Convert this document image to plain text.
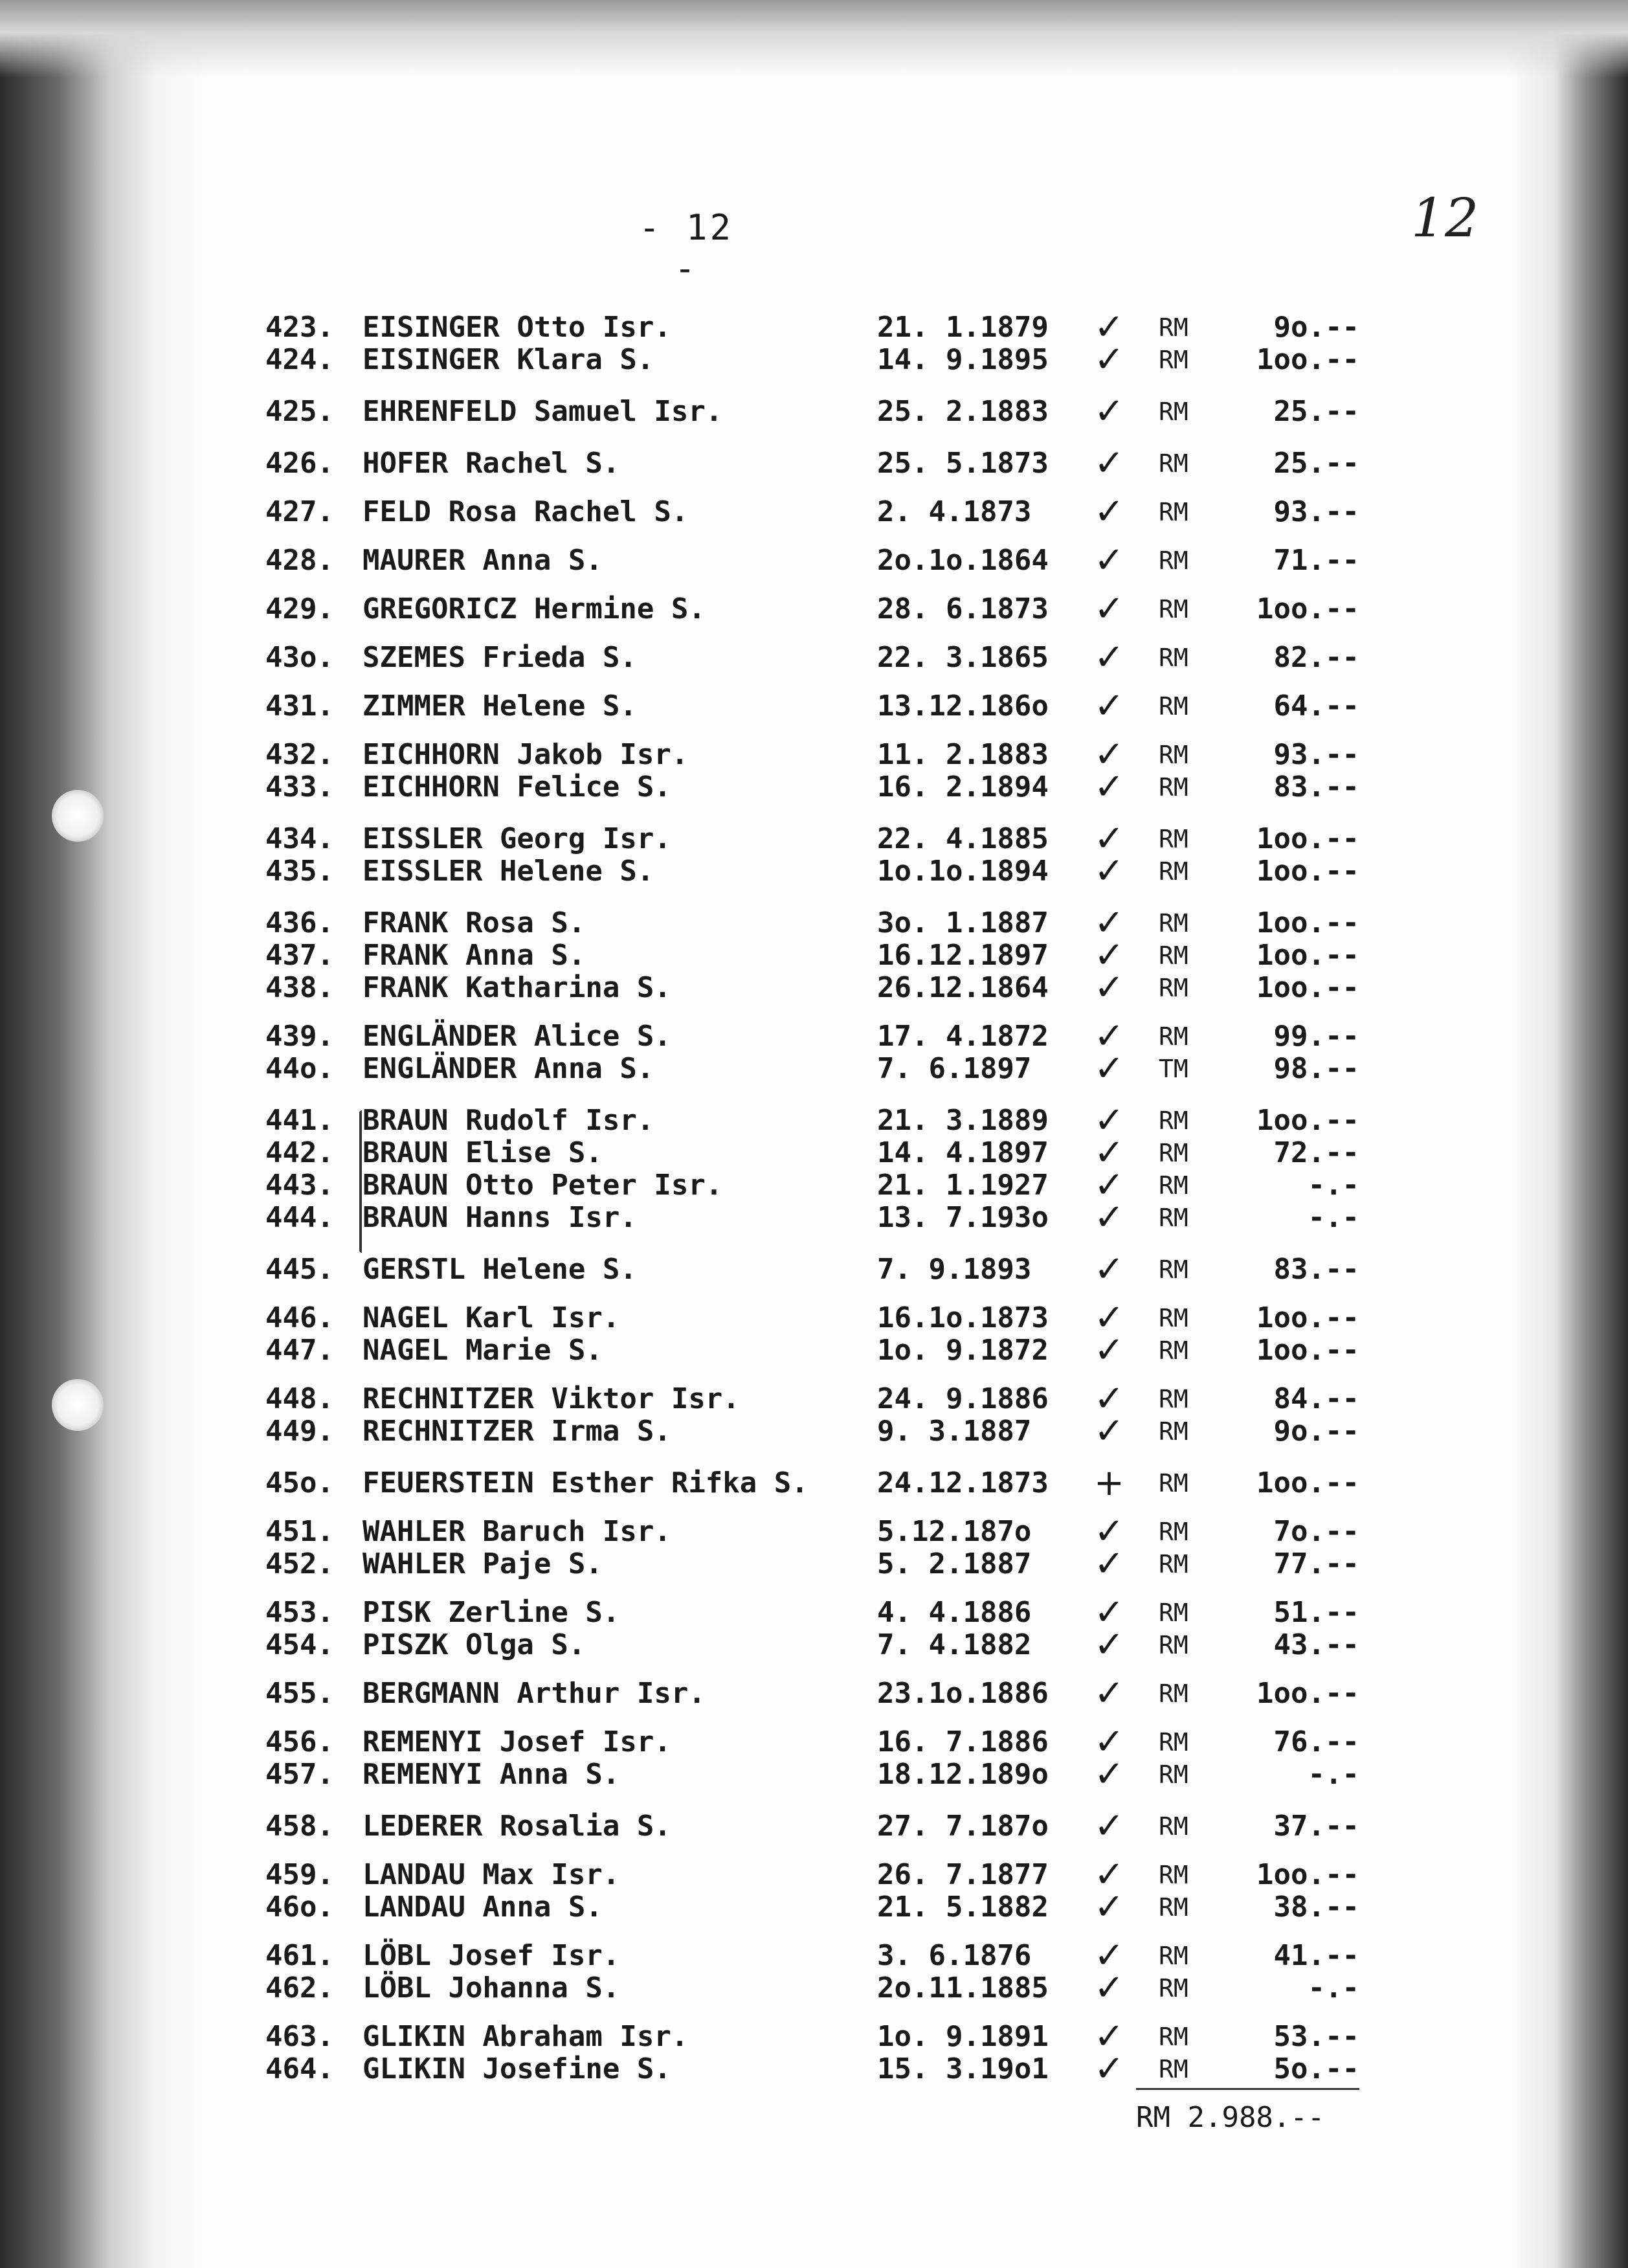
- 12 -
12
423. EISINGER Otto Isr.	21. 1.1879 ✓ RM	9o.--
424. EISINGER Klara S.	14. 9.1895 ✓ RM	1oo.--
425. EHRENFELD Samuel Isr.	25. 2.1883 ✓ RM	25.--
426. HOFER Rachel S.	25. 5.1873 ✓ RM	25.--
427. FELD Rosa Rachel S.	2. 4.1873 ✓ RM	93.--
428. MAURER Anna S.	2o.1o.1864 ✓ RM	71.--
429. GREGORICZ Hermine S.	28. 6.1873 ✓ RM	1oo.--
43o. SZEMES Frieda S.	22. 3.1865 ✓ RM	82.--
431. ZIMMER Helene S.	13.12.186o ✓ RM	64.--
432. EICHHORN Jakob Isr.	11. 2.1883 ✓ RM	93.--
433. EICHHORN Felice S.	16. 2.1894 ✓ RM	83.--
434. EISSLER Georg Isr.	22. 4.1885 ✓ RM	1oo.--
435. EISSLER Helene S.	1o.1o.1894 ✓ RM	1oo.--
436. FRANK Rosa S.	3o. 1.1887 ✓ RM	1oo.--
437. FRANK Anna S.	16.12.1897 ✓ RM	1oo.--
438. FRANK Katharina S.	26.12.1864 ✓ RM	1oo.--
439. ENGLÄNDER Alice S.	17. 4.1872 ✓ RM	99.--
44o. ENGLÄNDER Anna S.	7. 6.1897 ✓ TM	98.--
441. BRAUN Rudolf Isr.	21. 3.1889 ✓ RM	1oo.--
442. BRAUN Elise S.	14. 4.1897 ✓ RM	72.--
443. BRAUN Otto Peter Isr.	21. 1.1927 ✓ RM	-.-
444. BRAUN Hanns Isr.	13. 7.193o ✓ RM	-.-
445. GERSTL Helene S.	7. 9.1893 ✓ RM	83.--
446. NAGEL Karl Isr.	16.1o.1873 ✓ RM	1oo.--
447. NAGEL Marie S.	1o. 9.1872 ✓ RM	1oo.--
448. RECHNITZER Viktor Isr.	24. 9.1886 ✓ RM	84.--
449. RECHNITZER Irma S.	9. 3.1887 ✓ RM	9o.--
45o. FEUERSTEIN Esther Rifka S. 24.12.1873 + RM	1oo.--
451. WAHLER Baruch Isr.	5.12.187o ✓ RM	7o.--
452. WAHLER Paje S.	5. 2.1887 ✓ RM	77.--
453. PISK Zerline S.	4. 4.1886 ✓ RM	51.--
454. PISZK Olga S.	7. 4.1882 ✓ RM	43.--
455. BERGMANN Arthur Isr.	23.1o.1886 ✓ RM	1oo.--
456. REMENYI Josef Isr.	16. 7.1886 ✓ RM	76.--
457. REMENYI Anna S.	18.12.189o ✓ RM	-.-
458. LEDERER Rosalia S.	27. 7.187o ✓ RM	37.--
459. LANDAU Max Isr.	26. 7.1877 ✓ RM	1oo.--
46o. LANDAU Anna S.	21. 5.1882 ✓ RM	38.--
461. LÖBL Josef Isr.	3. 6.1876 ✓ RM	41.--
462. LÖBL Johanna S.	2o.11.1885 ✓ RM	-.-
463. GLIKIN Abraham Isr.	1o. 9.1891 ✓ RM	53.--
464. GLIKIN Josefine S.	15. 3.19o1 ✓ RM	5o.--
RM 2.988.--
